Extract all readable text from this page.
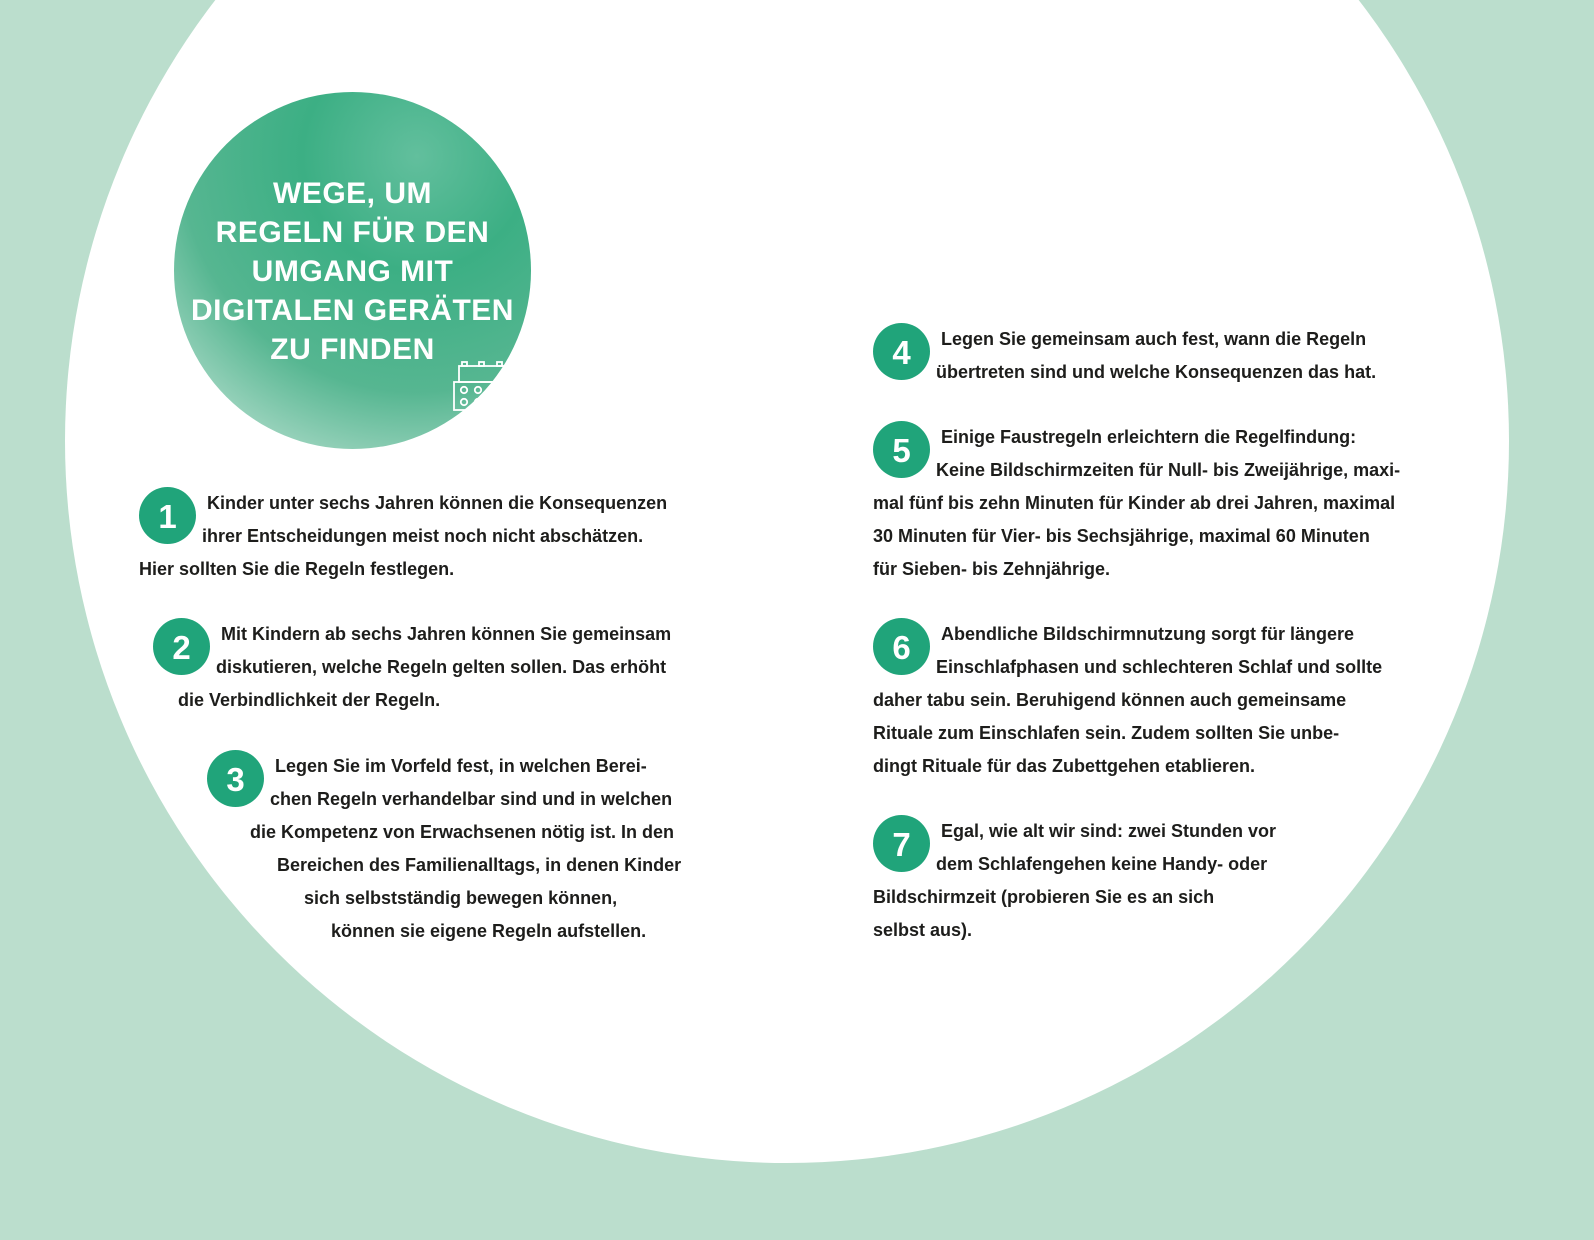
WEGE, UM
REGELN FÜR DEN
UMGANG MIT
DIGITALEN GERÄTEN
ZU FINDEN
1	Kinder unter sechs Jahren können die Konsequenzen
ihrer Entscheidungen meist noch nicht abschätzen.
Hier sollten Sie die Regeln festlegen.
2	Mit Kindern ab sechs Jahren können Sie gemeinsam
diskutieren, welche Regeln gelten sollen. Das erhöht
die Verbindlichkeit der Regeln.
3	Legen Sie im Vorfeld fest, in welchen Berei-
chen Regeln verhandelbar sind und in welchen
die Kompetenz von Erwachsenen nötig ist. In den
Bereichen des Familienalltags, in denen Kinder
sich selbstständig bewegen können,
können sie eigene Regeln aufstellen.
4	Legen Sie gemeinsam auch fest, wann die Regeln
übertreten sind und welche Konsequenzen das hat.
5	Einige Faustregeln erleichtern die Regelfindung:
Keine Bildschirmzeiten für Null- bis Zweijährige, maxi-
mal fünf bis zehn Minuten für Kinder ab drei Jahren, maximal
30 Minuten für Vier- bis Sechsjährige, maximal 60 Minuten
für Sieben- bis Zehnjährige.
6	Abendliche Bildschirmnutzung sorgt für längere
Einschlafphasen und schlechteren Schlaf und sollte
daher tabu sein. Beruhigend können auch gemeinsame
Rituale zum Einschlafen sein. Zudem sollten Sie unbe-
dingt Rituale für das Zubettgehen etablieren.
7	Egal, wie alt wir sind: zwei Stunden vor
dem Schlafengehen keine Handy- oder
Bildschirmzeit (probieren Sie es an sich
selbst aus).
